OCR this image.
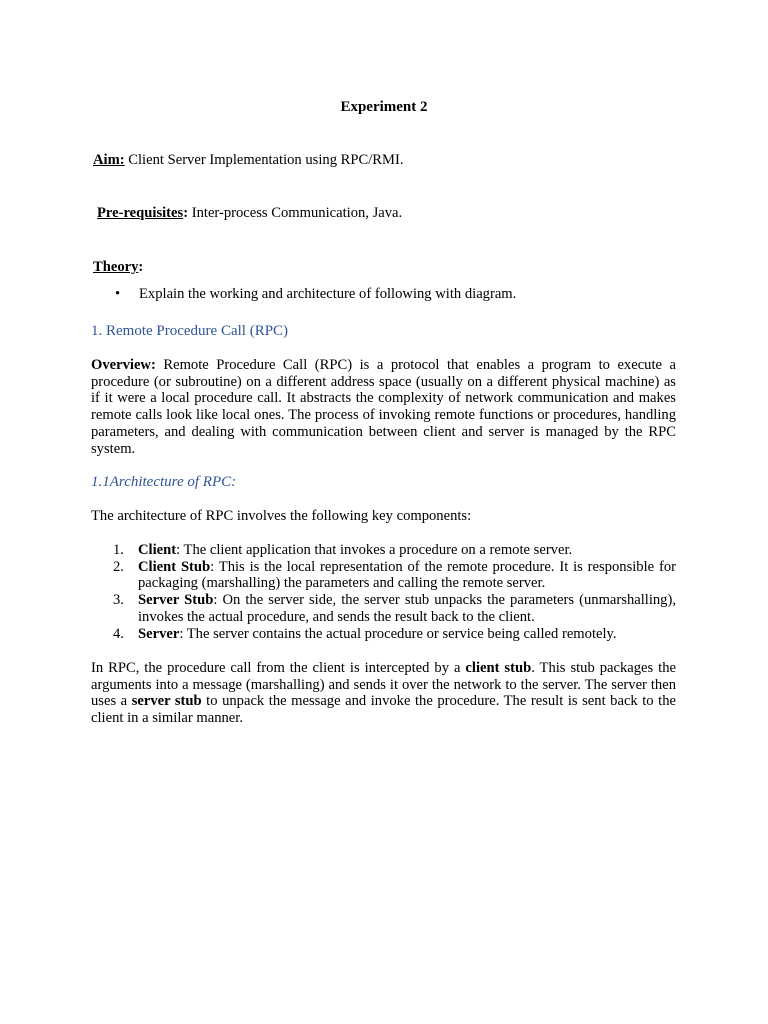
Experiment 2
Aim: Client Server Implementation using RPC/RMI.
Pre-requisites: Inter-process Communication, Java.
Theory:
• Explain the working and architecture of following with diagram.
1. Remote Procedure Call (RPC)
Overview: Remote Procedure Call (RPC) is a protocol that enables a program to execute a procedure (or subroutine) on a different address space (usually on a different physical machine) as if it were a local procedure call. It abstracts the complexity of network communication and makes remote calls look like local ones. The process of invoking remote functions or procedures, handling parameters, and dealing with communication between client and server is managed by the RPC system.
1.1Architecture of RPC:
The architecture of RPC involves the following key components:
1. Client: The client application that invokes a procedure on a remote server.
2. Client Stub: This is the local representation of the remote procedure. It is responsible for packaging (marshalling) the parameters and calling the remote server.
3. Server Stub: On the server side, the server stub unpacks the parameters (unmarshalling), invokes the actual procedure, and sends the result back to the client.
4. Server: The server contains the actual procedure or service being called remotely.
In RPC, the procedure call from the client is intercepted by a client stub. This stub packages the arguments into a message (marshalling) and sends it over the network to the server. The server then uses a server stub to unpack the message and invoke the procedure. The result is sent back to the client in a similar manner.
